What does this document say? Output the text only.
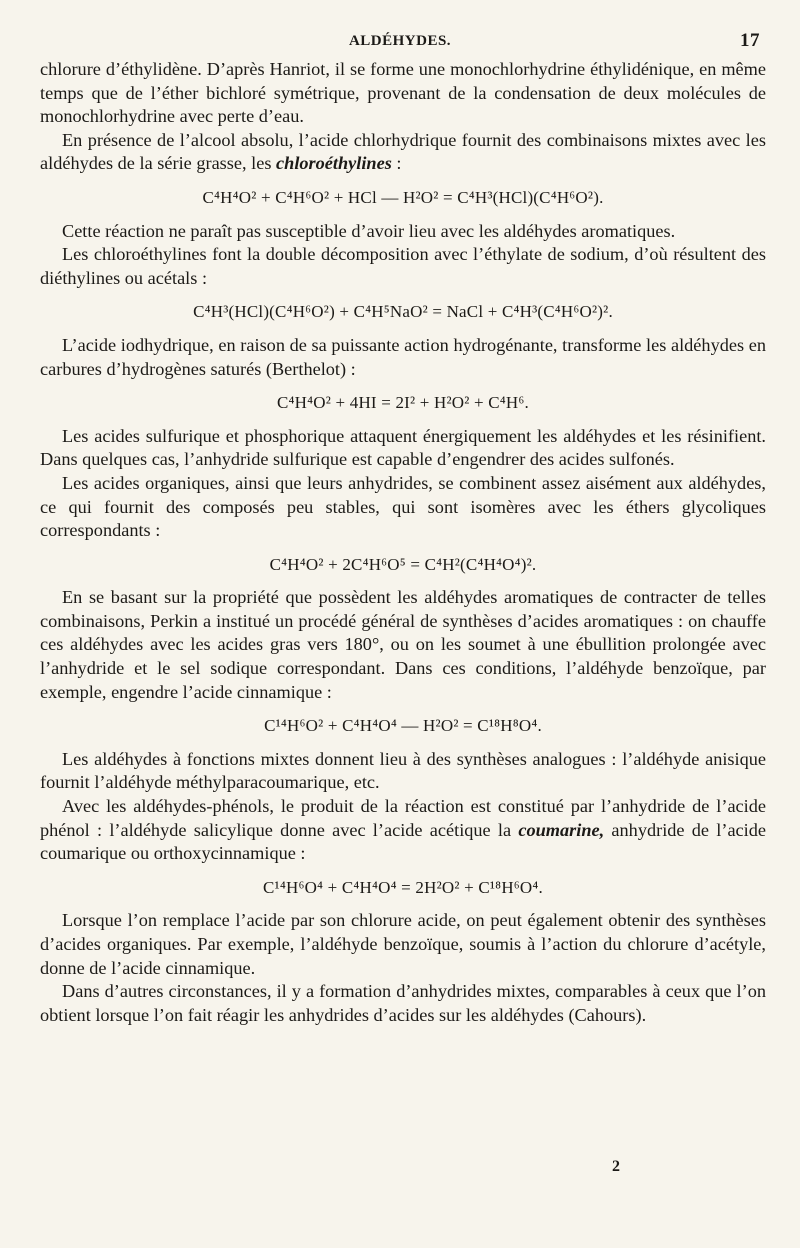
ALDÉHYDES.	17

chlorure d’éthylidène. D’après Hanriot, il se forme une monochlorhydrine éthylidénique, en même temps que de l’éther bichloré symétrique, provenant de la condensation de deux molécules de monochlorhydrine avec perte d’eau.

En présence de l’alcool absolu, l’acide chlorhydrique fournit des combinaisons mixtes avec les aldéhydes de la série grasse, les chloroéthylines :

C⁴H⁴O² + C⁴H⁶O² + HCl — H²O² = C⁴H³(HCl)(C⁴H⁶O²).

Cette réaction ne paraît pas susceptible d’avoir lieu avec les aldéhydes aromatiques.

Les chloroéthylines font la double décomposition avec l’éthylate de sodium, d’où résultent des diéthylines ou acétals :

C⁴H³(HCl)(C⁴H⁶O²) + C⁴H⁵NaO² = NaCl + C⁴H³(C⁴H⁶O²)².

L’acide iodhydrique, en raison de sa puissante action hydrogénante, transforme les aldéhydes en carbures d’hydrogènes saturés (Berthelot) :

C⁴H⁴O² + 4HI = 2I² + H²O² + C⁴H⁶.

Les acides sulfurique et phosphorique attaquent énergiquement les aldéhydes et les résinifient. Dans quelques cas, l’anhydride sulfurique est capable d’engendrer des acides sulfonés.

Les acides organiques, ainsi que leurs anhydrides, se combinent assez aisément aux aldéhydes, ce qui fournit des composés peu stables, qui sont isomères avec les éthers glycoliques correspondants :

C⁴H⁴O² + 2C⁴H⁶O⁵ = C⁴H²(C⁴H⁴O⁴)².

En se basant sur la propriété que possèdent les aldéhydes aromatiques de contracter de telles combinaisons, Perkin a institué un procédé général de synthèses d’acides aromatiques : on chauffe ces aldéhydes avec les acides gras vers 180°, ou on les soumet à une ébullition prolongée avec l’anhydride et le sel sodique correspondant. Dans ces conditions, l’aldéhyde benzoïque, par exemple, engendre l’acide cinnamique :

C¹⁴H⁶O² + C⁴H⁴O⁴ — H²O² = C¹⁸H⁸O⁴.

Les aldéhydes à fonctions mixtes donnent lieu à des synthèses analogues : l’aldéhyde anisique fournit l’aldéhyde méthylparacoumarique, etc.

Avec les aldéhydes-phénols, le produit de la réaction est constitué par l’anhydride de l’acide phénol : l’aldéhyde salicylique donne avec l’acide acétique la coumarine, anhydride de l’acide coumarique ou orthoxycinnamique :

C¹⁴H⁶O⁴ + C⁴H⁴O⁴ = 2H²O² + C¹⁸H⁶O⁴.

Lorsque l’on remplace l’acide par son chlorure acide, on peut également obtenir des synthèses d’acides organiques. Par exemple, l’aldéhyde benzoïque, soumis à l’action du chlorure d’acétyle, donne de l’acide cinnamique.

Dans d’autres circonstances, il y a formation d’anhydrides mixtes, comparables à ceux que l’on obtient lorsque l’on fait réagir les anhydrides d’acides sur les aldéhydes (Cahours).

2
